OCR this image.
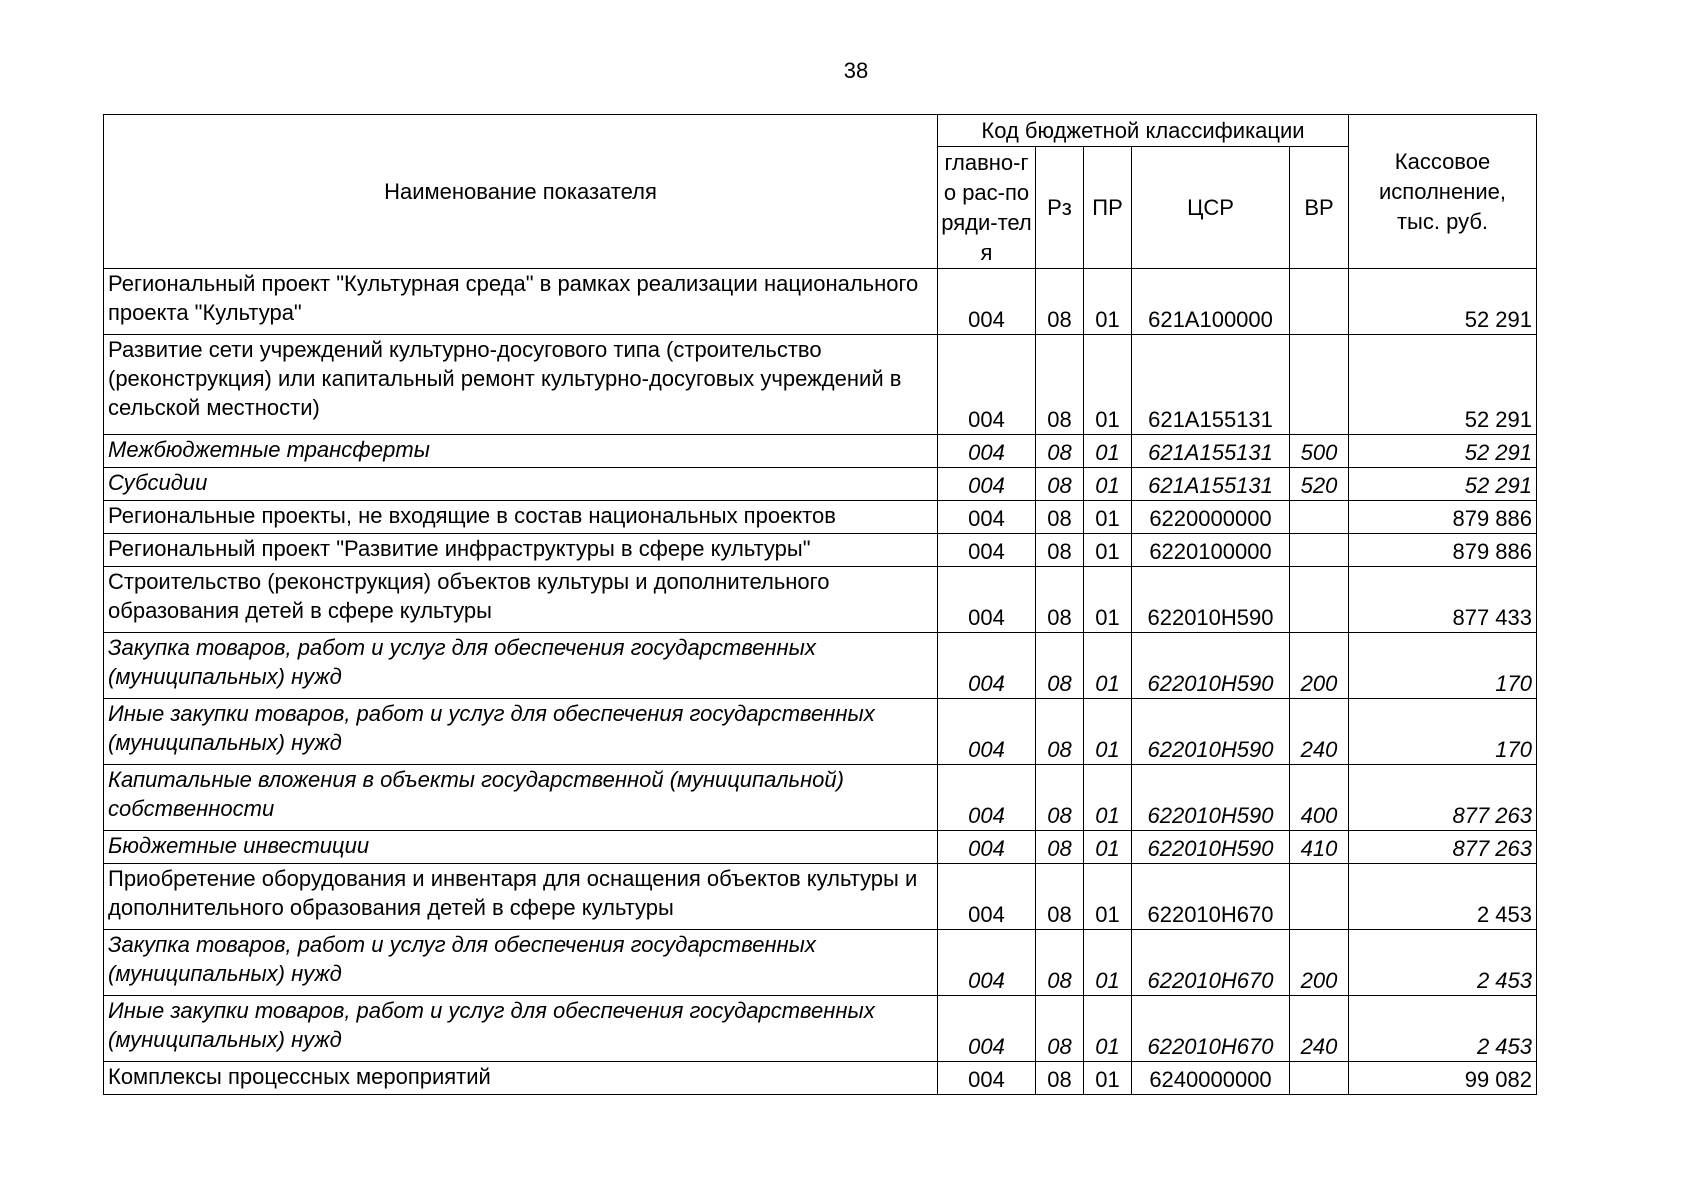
38
Наименование показателя	Код бюджетной классификации					Кассовое исполнение, тыс. руб.
	главно-го рас-поряди-теля	Рз	ПР	ЦСР	ВР	
Региональный проект "Культурная среда" в рамках реализации национального проекта "Культура"	004	08	01	621A100000		52 291
Развитие сети учреждений культурно-досугового типа (строительство (реконструкция) или капитальный ремонт культурно-досуговых учреждений в сельской местности)	004	08	01	621A155131		52 291
Межбюджетные трансферты	004	08	01	621A155131	500	52 291
Субсидии	004	08	01	621A155131	520	52 291
Региональные проекты, не входящие в состав национальных проектов	004	08	01	6220000000		879 886
Региональный проект "Развитие инфраструктуры в сфере культуры"	004	08	01	6220100000		879 886
Строительство (реконструкция) объектов культуры и дополнительного образования детей в сфере культуры	004	08	01	622010H590		877 433
Закупка товаров, работ и услуг для обеспечения государственных (муниципальных) нужд	004	08	01	622010H590	200	170
Иные закупки товаров, работ и услуг для обеспечения государственных (муниципальных) нужд	004	08	01	622010H590	240	170
Капитальные вложения в объекты государственной (муниципальной) собственности	004	08	01	622010H590	400	877 263
Бюджетные инвестиции	004	08	01	622010H590	410	877 263
Приобретение оборудования и инвентаря для оснащения объектов культуры и дополнительного образования детей в сфере культуры	004	08	01	622010H670		2 453
Закупка товаров, работ и услуг для обеспечения государственных (муниципальных) нужд	004	08	01	622010H670	200	2 453
Иные закупки товаров, работ и услуг для обеспечения государственных (муниципальных) нужд	004	08	01	622010H670	240	2 453
Комплексы процессных мероприятий	004	08	01	6240000000		99 082
